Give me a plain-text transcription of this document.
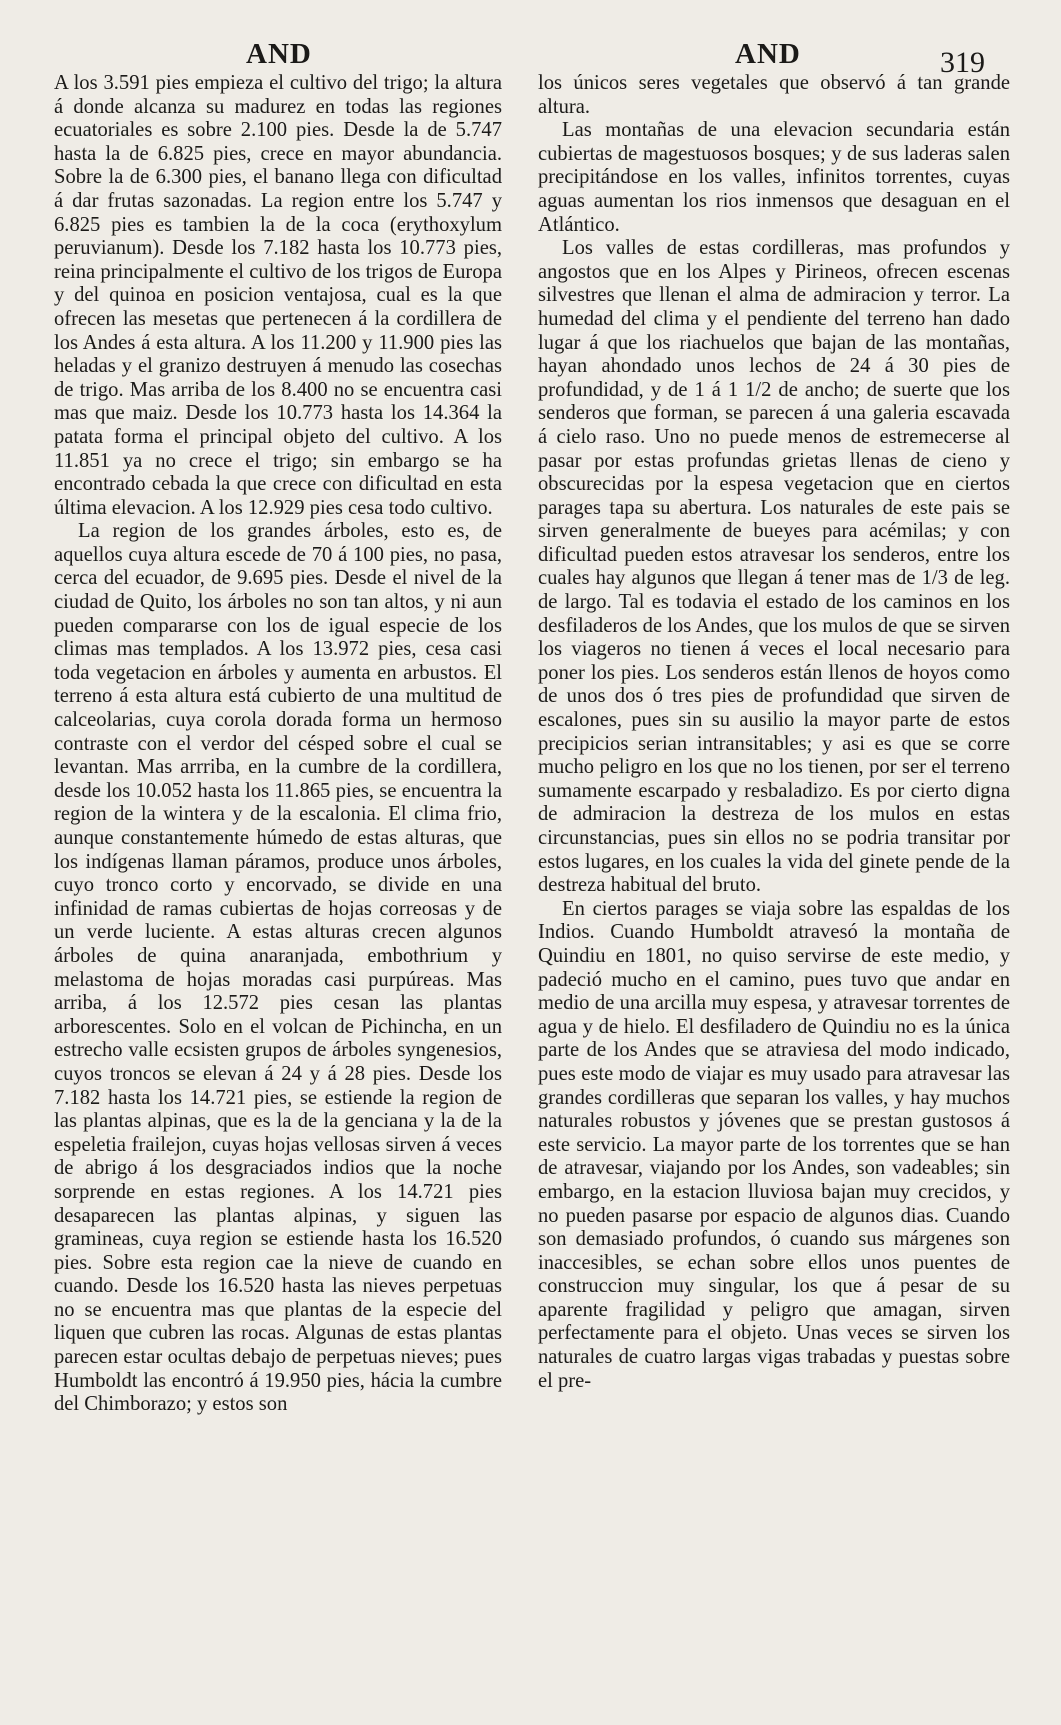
AND	AND	319

A los 3.591 pies empieza el cultivo del trigo; la altura á donde alcanza su madurez en todas las regiones ecuatoriales es sobre 2.100 pies. Desde la de 5.747 hasta la de 6.825 pies, crece en mayor abundancia. Sobre la de 6.300 pies, el banano llega con dificultad á dar frutas sazonadas. La region entre los 5.747 y 6.825 pies es tambien la de la coca (erythoxylum peruvianum). Desde los 7.182 hasta los 10.773 pies, reina principalmente el cultivo de los trigos de Europa y del quinoa en posicion ventajosa, cual es la que ofrecen las mesetas que pertenecen á la cordillera de los Andes á esta altura. A los 11.200 y 11.900 pies las heladas y el granizo destruyen á menudo las cosechas de trigo. Mas arriba de los 8.400 no se encuentra casi mas que maiz. Desde los 10.773 hasta los 14.364 la patata forma el principal objeto del cultivo. A los 11.851 ya no crece el trigo; sin embargo se ha encontrado cebada la que crece con dificultad en esta última elevacion. A los 12.929 pies cesa todo cultivo.

La region de los grandes árboles, esto es, de aquellos cuya altura escede de 70 á 100 pies, no pasa, cerca del ecuador, de 9.695 pies. Desde el nivel de la ciudad de Quito, los árboles no son tan altos, y ni aun pueden compararse con los de igual especie de los climas mas templados. A los 13.972 pies, cesa casi toda vegetacion en árboles y aumenta en arbustos. El terreno á esta altura está cubierto de una multitud de calceolarias, cuya corola dorada forma un hermoso contraste con el verdor del césped sobre el cual se levantan. Mas arrriba, en la cumbre de la cordillera, desde los 10.052 hasta los 11.865 pies, se encuentra la region de la wintera y de la escalonia. El clima frio, aunque constantemente húmedo de estas alturas, que los indígenas llaman páramos, produce unos árboles, cuyo tronco corto y encorvado, se divide en una infinidad de ramas cubiertas de hojas correosas y de un verde luciente. A estas alturas crecen algunos árboles de quina anaranjada, embothrium y melastoma de hojas moradas casi purpúreas. Mas arriba, á los 12.572 pies cesan las plantas arborescentes. Solo en el volcan de Pichincha, en un estrecho valle ecsisten grupos de árboles syngenesios, cuyos troncos se elevan á 24 y á 28 pies. Desde los 7.182 hasta los 14.721 pies, se estiende la region de las plantas alpinas, que es la de la genciana y la de la espeletia frailejon, cuyas hojas vellosas sirven á veces de abrigo á los desgraciados indios que la noche sorprende en estas regiones. A los 14.721 pies desaparecen las plantas alpinas, y siguen las gramineas, cuya region se estiende hasta los 16.520 pies. Sobre esta region cae la nieve de cuando en cuando. Desde los 16.520 hasta las nieves perpetuas no se encuentra mas que plantas de la especie del liquen que cubren las rocas. Algunas de estas plantas parecen estar ocultas debajo de perpetuas nieves; pues Humboldt las encontró á 19.950 pies, hácia la cumbre del Chimborazo; y estos son

los únicos seres vegetales que observó á tan grande altura.

Las montañas de una elevacion secundaria están cubiertas de magestuosos bosques; y de sus laderas salen precipitándose en los valles, infinitos torrentes, cuyas aguas aumentan los rios inmensos que desaguan en el Atlántico.

Los valles de estas cordilleras, mas profundos y angostos que en los Alpes y Pirineos, ofrecen escenas silvestres que llenan el alma de admiracion y terror. La humedad del clima y el pendiente del terreno han dado lugar á que los riachuelos que bajan de las montañas, hayan ahondado unos lechos de 24 á 30 pies de profundidad, y de 1 á 1 1/2 de ancho; de suerte que los senderos que forman, se parecen á una galeria escavada á cielo raso. Uno no puede menos de estremecerse al pasar por estas profundas grietas llenas de cieno y obscurecidas por la espesa vegetacion que en ciertos parages tapa su abertura. Los naturales de este pais se sirven generalmente de bueyes para acémilas; y con dificultad pueden estos atravesar los senderos, entre los cuales hay algunos que llegan á tener mas de 1/3 de leg. de largo. Tal es todavia el estado de los caminos en los desfiladeros de los Andes, que los mulos de que se sirven los viageros no tienen á veces el local necesario para poner los pies. Los senderos están llenos de hoyos como de unos dos ó tres pies de profundidad que sirven de escalones, pues sin su ausilio la mayor parte de estos precipicios serian intransitables; y asi es que se corre mucho peligro en los que no los tienen, por ser el terreno sumamente escarpado y resbaladizo. Es por cierto digna de admiracion la destreza de los mulos en estas circunstancias, pues sin ellos no se podria transitar por estos lugares, en los cuales la vida del ginete pende de la destreza habitual del bruto.

En ciertos parages se viaja sobre las espaldas de los Indios. Cuando Humboldt atravesó la montaña de Quindiu en 1801, no quiso servirse de este medio, y padeció mucho en el camino, pues tuvo que andar en medio de una arcilla muy espesa, y atravesar torrentes de agua y de hielo. El desfiladero de Quindiu no es la única parte de los Andes que se atraviesa del modo indicado, pues este modo de viajar es muy usado para atravesar las grandes cordilleras que separan los valles, y hay muchos naturales robustos y jóvenes que se prestan gustosos á este servicio. La mayor parte de los torrentes que se han de atravesar, viajando por los Andes, son vadeables; sin embargo, en la estacion lluviosa bajan muy crecidos, y no pueden pasarse por espacio de algunos dias. Cuando son demasiado profundos, ó cuando sus márgenes son inaccesibles, se echan sobre ellos unos puentes de construccion muy singular, los que á pesar de su aparente fragilidad y peligro que amagan, sirven perfectamente para el objeto. Unas veces se sirven los naturales de cuatro largas vigas trabadas y puestas sobre el pre-
